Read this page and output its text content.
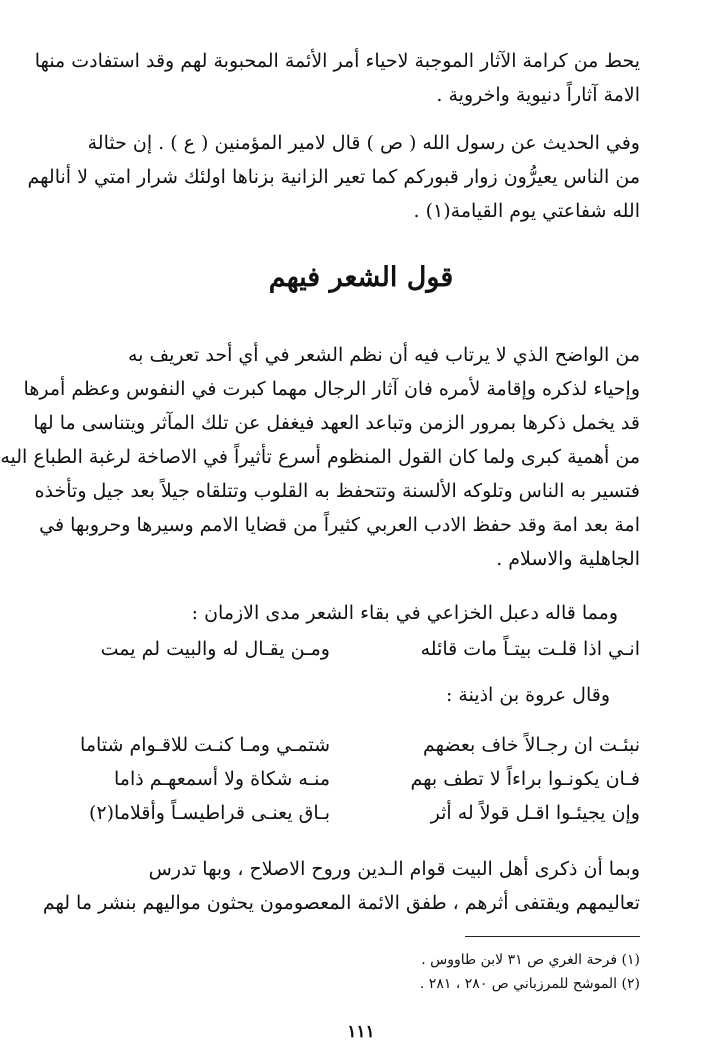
يحط من كرامة الآثار الموجبة لاحياء أمر الأئمة المحبوبة لهم وقد استفادت منها
الامة آثاراً دنيوية واخروية .
وفي الحديث عن رسول الله ( ص ) قال لامير المؤمنين ( ع ) . إن حثالة
من الناس يعيرُّون زوار قبوركم كما تعير الزانية بزناها اولئك شرار امتي لا أنالهم
الله شفاعتي يوم القيامة(١) .
قول الشعر فيهم
من الواضح الذي لا يرتاب فيه أن نظم الشعر في أي أحد تعريف به
وإحياء لذكره وإقامة لأمره فان آثار الرجال مهما كبرت في النفوس وعظم أمرها
قد يخمل ذكرها بمرور الزمن وتباعد العهد فيغفل عن تلك المآثر ويتناسى ما لها
من أهمية كبرى ولما كان القول المنظوم أسرع تأثيراً في الاصاخة لرغبة الطباع اليه
فتسير به الناس وتلوكه الألسنة وتتحفظ به القلوب وتتلقاه جيلاً بعد جيل وتأخذه
امة بعد امة وقد حفظ الادب العربي كثيراً من قضايا الامم وسيرها وحروبها في
الجاهلية والاسلام .
ومما قاله دعبل الخزاعي في بقاء الشعر مدى الازمان :
انـي اذا قلـت بيتـاً مات قائله
ومـن يقـال له والبيت لم يمت
وقال عروة بن اذينة :
نبئـت ان رجـالاً خاف بعضهم
شتمـي ومـا كنـت للاقـوام شتاما
فـان يكونـوا براءاً لا تطف بهم
منـه شكاة ولا أسمعهـم ذاما
وإن يجيئـوا اقـل قولاً له أثر
بـاق يعنـى قراطيسـاً وأقلاما(٢)
وبما أن ذكرى أهل البيت قوام الـدين وروح الاصلاح ، وبها تدرس
تعاليمهم ويقتفى أثرهم ، طفق الائمة المعصومون يحثون مواليهم بنشر ما لهم
(١) فرحة الغري ص ٣١ لابن طاووس .
(٢) الموشح للمرزباني ص ٢٨٠ ، ٢٨١ .
١١١
